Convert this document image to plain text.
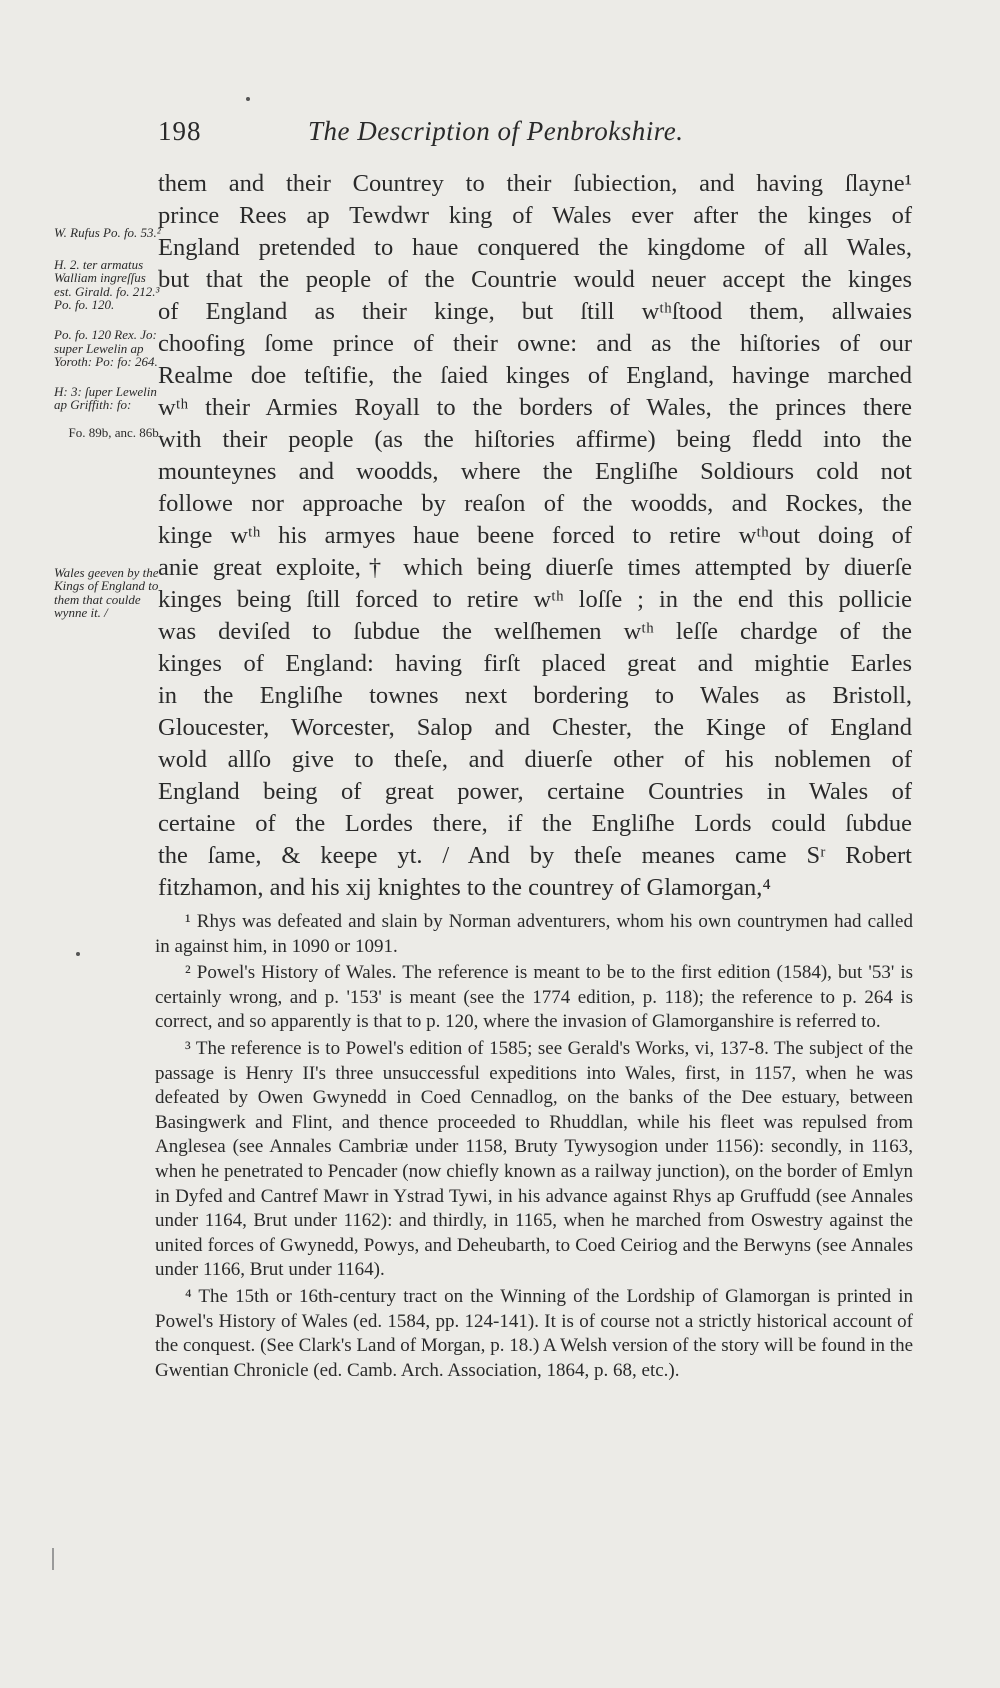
198	The Description of Penbrokshire.

W. Rufus Po. fo. 53.²

H. 2. ter armatus Walliam ingreſſus est. Girald. fo. 212.³ Po. fo. 120.

Po. fo. 120 Rex. Jo: super Lewelin ap Yoroth: Po: fo: 264.

H: 3: ſuper Lewelin ap Griffith: fo:

Fo. 89b, anc. 86b.

Wales geeven by the Kings of England to them that coulde wynne it. /

them and their Countrey to their ſubiection, and having ſlayne¹
prince Rees ap Tewdwr king of Wales ever after the kinges of
England pretended to haue conquered the kingdome of all Wales,
but that the people of the Countrie would neuer accept the kinges
of England as their kinge, but ſtill wᵗʰſtood them, allwaies
choofing ſome prince of their owne: and as the hiſtories of our
Realme doe teſtifie, the ſaied kinges of England, havinge marched
wᵗʰ their Armies Royall to the borders of Wales, the princes there
with their people (as the hiſtories affirme) being fledd into the
mounteynes and woodds, where the Engliſhe Soldiours cold not
followe nor approache by reaſon of the woodds, and Rockes, the
kinge wᵗʰ his armyes haue beene forced to retire wᵗʰout doing of
anie great exploite,† which being diuerſe times attempted by diuerſe
kinges being ſtill forced to retire wᵗʰ loſſe ; in the end this pollicie
was deviſed to ſubdue the welſhemen wᵗʰ leſſe chardge of the
kinges of England: having firſt placed great and mightie Earles
in the Engliſhe townes next bordering to Wales as Bristoll,
Gloucester, Worcester, Salop and Chester, the Kinge of England
wold allſo give to theſe, and diuerſe other of his noblemen of
England being of great power, certaine Countries in Wales of
certaine of the Lordes there, if the Engliſhe Lords could ſubdue
the ſame, & keepe yt. / And by theſe meanes came Sʳ Robert
fitzhamon, and his xij knightes to the countrey of Glamorgan,⁴

¹ Rhys was defeated and slain by Norman adventurers, whom his own countrymen had called in against him, in 1090 or 1091.

² Powel's History of Wales. The reference is meant to be to the first edition (1584), but '53' is certainly wrong, and p. '153' is meant (see the 1774 edition, p. 118); the reference to p. 264 is correct, and so apparently is that to p. 120, where the invasion of Glamorganshire is referred to.

³ The reference is to Powel's edition of 1585; see Gerald's Works, vi, 137-8. The subject of the passage is Henry II's three unsuccessful expeditions into Wales, first, in 1157, when he was defeated by Owen Gwynedd in Coed Cennadlog, on the banks of the Dee estuary, between Basingwerk and Flint, and thence proceeded to Rhuddlan, while his fleet was repulsed from Anglesea (see Annales Cambriæ under 1158, Bruty Tywysogion under 1156): secondly, in 1163, when he penetrated to Pencader (now chiefly known as a railway junction), on the border of Emlyn in Dyfed and Cantref Mawr in Ystrad Tywi, in his advance against Rhys ap Gruffudd (see Annales under 1164, Brut under 1162): and thirdly, in 1165, when he marched from Oswestry against the united forces of Gwynedd, Powys, and Deheubarth, to Coed Ceiriog and the Berwyns (see Annales under 1166, Brut under 1164).

⁴ The 15th or 16th-century tract on the Winning of the Lordship of Glamorgan is printed in Powel's History of Wales (ed. 1584, pp. 124-141). It is of course not a strictly historical account of the conquest. (See Clark's Land of Morgan, p. 18.) A Welsh version of the story will be found in the Gwentian Chronicle (ed. Camb. Arch. Association, 1864, p. 68, etc.).
